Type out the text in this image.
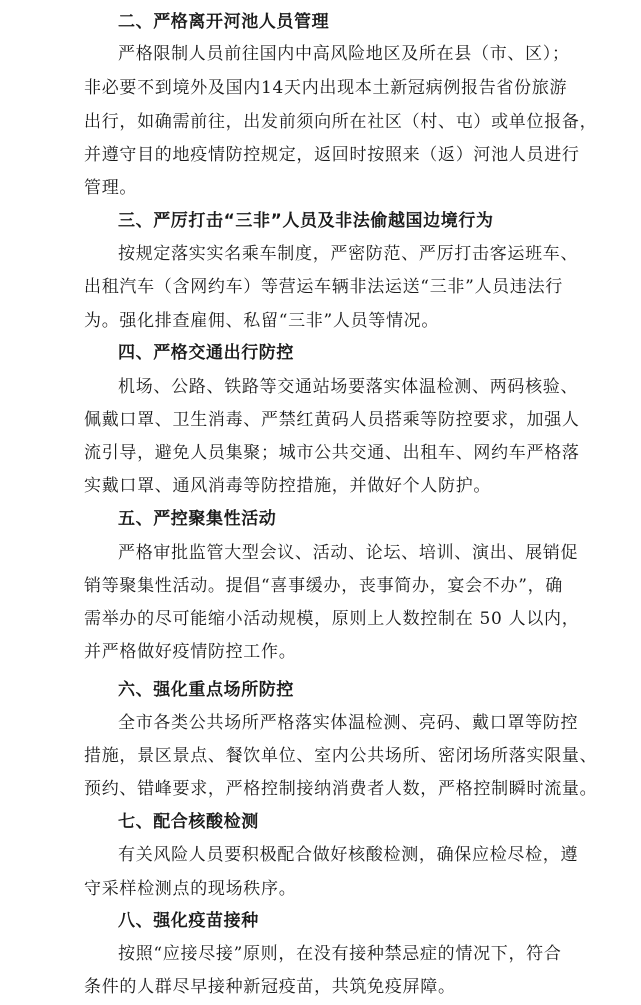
二、严格离开河池人员管理
严格限制人员前往国内中高风险地区及所在县（市、区）；
非必要不到境外及国内14天内出现本土新冠病例报告省份旅游
出行，如确需前往，出发前须向所在社区（村、屯）或单位报备，
并遵守目的地疫情防控规定，返回时按照来（返）河池人员进行
管理。
三、严厉打击“三非”人员及非法偷越国边境行为
按规定落实实名乘车制度，严密防范、严厉打击客运班车、
出租汽车（含网约车）等营运车辆非法运送“三非”人员违法行
为。强化排查雇佣、私留“三非”人员等情况。
四、严格交通出行防控
机场、公路、铁路等交通站场要落实体温检测、两码核验、
佩戴口罩、卫生消毒、严禁红黄码人员搭乘等防控要求，加强人
流引导，避免人员集聚；城市公共交通、出租车、网约车严格落
实戴口罩、通风消毒等防控措施，并做好个人防护。
五、严控聚集性活动
严格审批监管大型会议、活动、论坛、培训、演出、展销促
销等聚集性活动。提倡“喜事缓办，丧事简办，宴会不办”，确
需举办的尽可能缩小活动规模，原则上人数控制在 50 人以内，
并严格做好疫情防控工作。
六、强化重点场所防控
全市各类公共场所严格落实体温检测、亮码、戴口罩等防控
措施，景区景点、餐饮单位、室内公共场所、密闭场所落实限量、
预约、错峰要求，严格控制接纳消费者人数，严格控制瞬时流量。
七、配合核酸检测
有关风险人员要积极配合做好核酸检测，确保应检尽检，遵
守采样检测点的现场秩序。
八、强化疫苗接种
按照“应接尽接”原则，在没有接种禁忌症的情况下，符合
条件的人群尽早接种新冠疫苗，共筑免疫屏障。
